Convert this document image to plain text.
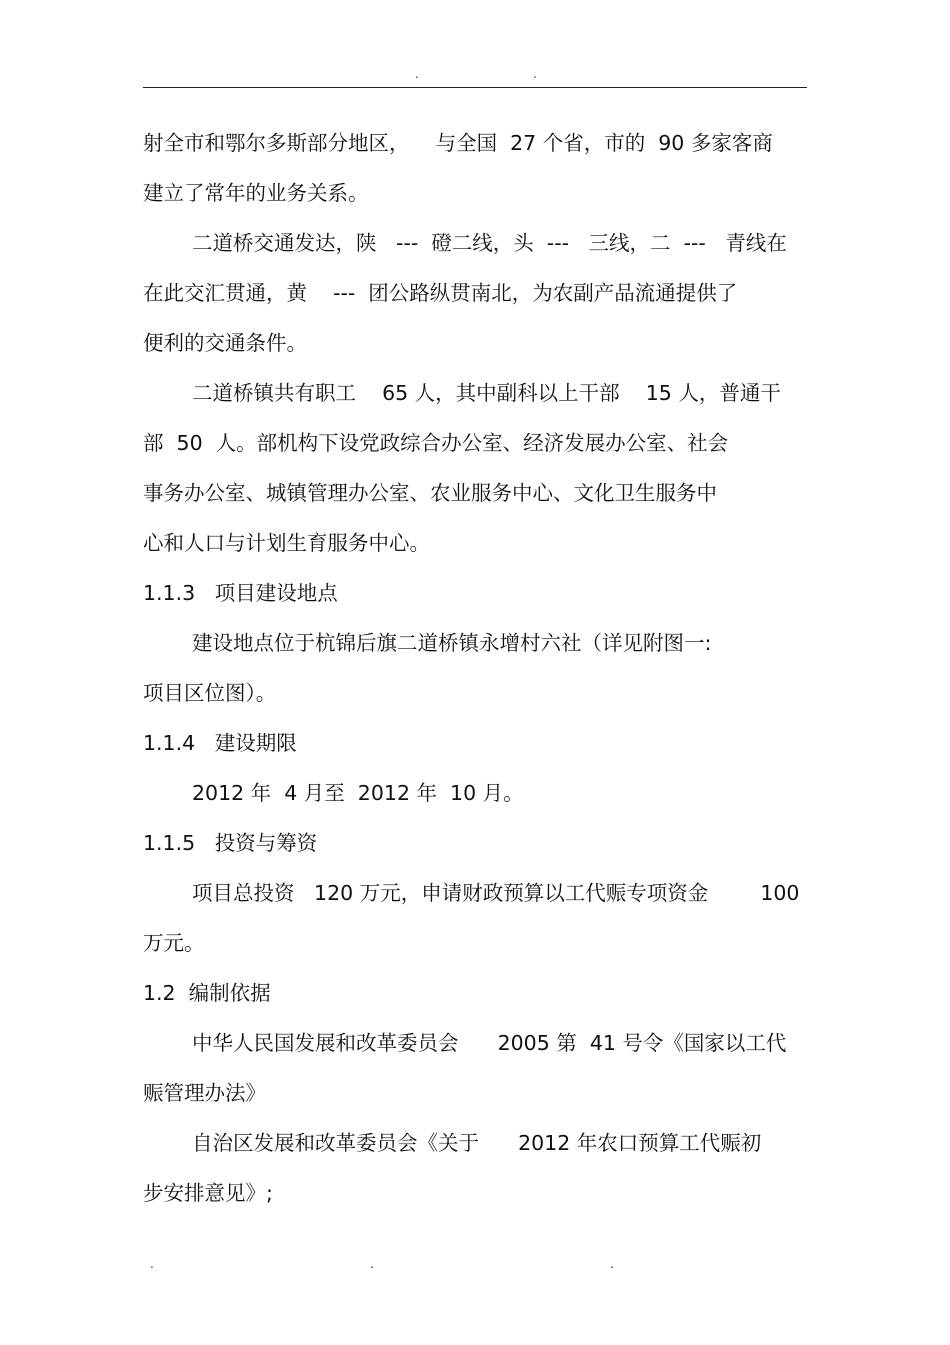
.	.
射全市和鄂尔多斯部分地区，    与全国  27 个省，市的  90 多家客商
建立了常年的业务关系。
二道桥交通发达，陕   ---  磴二线，头  ---   三线，二  ---   青线在
在此交汇贯通，黄    ---  团公路纵贯南北，为农副产品流通提供了
便利的交通条件。
二道桥镇共有职工    65 人，其中副科以上干部    15 人，普通干
部  50  人。部机构下设党政综合办公室、经济发展办公室、社会
事务办公室、城镇管理办公室、农业服务中心、文化卫生服务中
心和人口与计划生育服务中心。
1.1.3   项目建设地点
建设地点位于杭锦后旗二道桥镇永增村六社（详见附图一:
项目区位图）。
1.1.4   建设期限
2012 年  4 月至  2012 年  10 月。
1.1.5   投资与筹资
项目总投资   120 万元，申请财政预算以工代赈专项资金        100
万元。
1.2  编制依据
中华人民国发展和改革委员会      2005 第  41 号令《国家以工代
赈管理办法》
自治区发展和改革委员会《关于      2012 年农口预算工代赈初
步安排意见》;
.	.	.
